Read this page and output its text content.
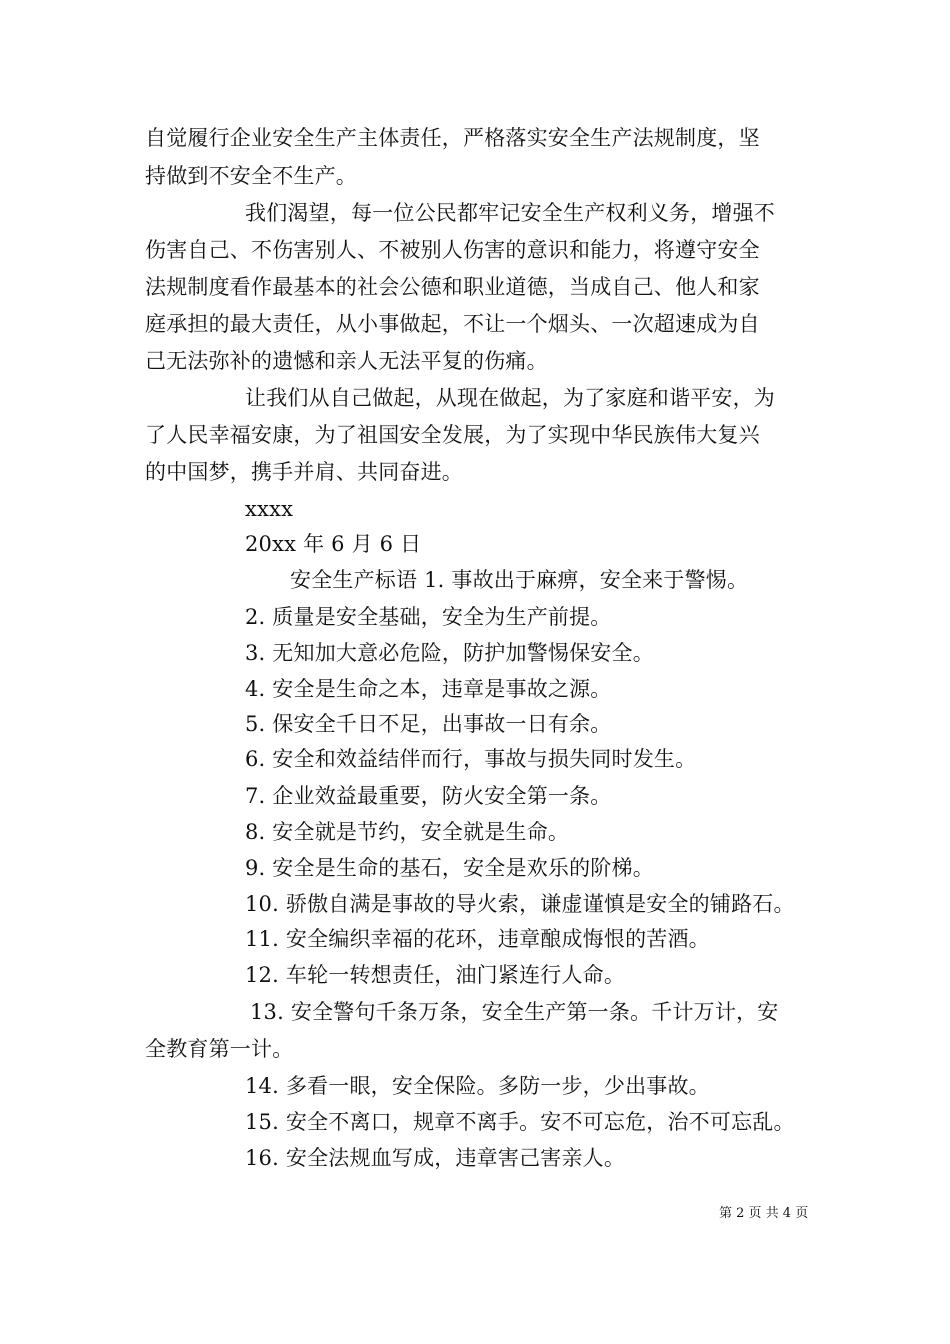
自觉履行企业安全生产主体责任，严格落实安全生产法规制度，坚
持做到不安全不生产。
我们渴望，每一位公民都牢记安全生产权利义务，增强不
伤害自己、不伤害别人、不被别人伤害的意识和能力，将遵守安全
法规制度看作最基本的社会公德和职业道德，当成自己、他人和家
庭承担的最大责任，从小事做起，不让一个烟头、一次超速成为自
己无法弥补的遗憾和亲人无法平复的伤痛。
让我们从自己做起，从现在做起，为了家庭和谐平安，为
了人民幸福安康，为了祖国安全发展，为了实现中华民族伟大复兴
的中国梦，携手并肩、共同奋进。
xxxx
20xx 年 6 月 6 日
安全生产标语 1. 事故出于麻痹，安全来于警惕。
2. 质量是安全基础，安全为生产前提。
3. 无知加大意必危险，防护加警惕保安全。
4. 安全是生命之本，违章是事故之源。
5. 保安全千日不足，出事故一日有余。
6. 安全和效益结伴而行，事故与损失同时发生。
7. 企业效益最重要，防火安全第一条。
8. 安全就是节约，安全就是生命。
9. 安全是生命的基石，安全是欢乐的阶梯。
10. 骄傲自满是事故的导火索，谦虚谨慎是安全的铺路石。
11. 安全编织幸福的花环，违章酿成悔恨的苦酒。
12. 车轮一转想责任，油门紧连行人命。
13. 安全警句千条万条，安全生产第一条。千计万计，安
全教育第一计。
14. 多看一眼，安全保险。多防一步，少出事故。
15. 安全不离口，规章不离手。安不可忘危，治不可忘乱。
16. 安全法规血写成，违章害己害亲人。
第 2 页 共 4 页
